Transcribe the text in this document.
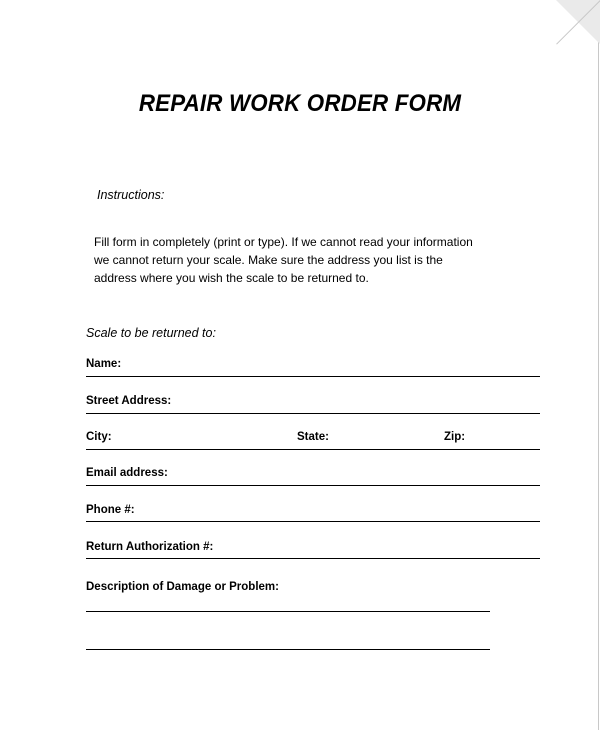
REPAIR WORK ORDER FORM
Instructions:
Fill form in completely (print or type). If we cannot read your information we cannot return your scale. Make sure the address you list is the address where you wish the scale to be returned to.
Scale to be returned to:
Name:
Street Address:
City:	State:	Zip:
Email address:
Phone #:
Return Authorization #:
Description of Damage or Problem:
